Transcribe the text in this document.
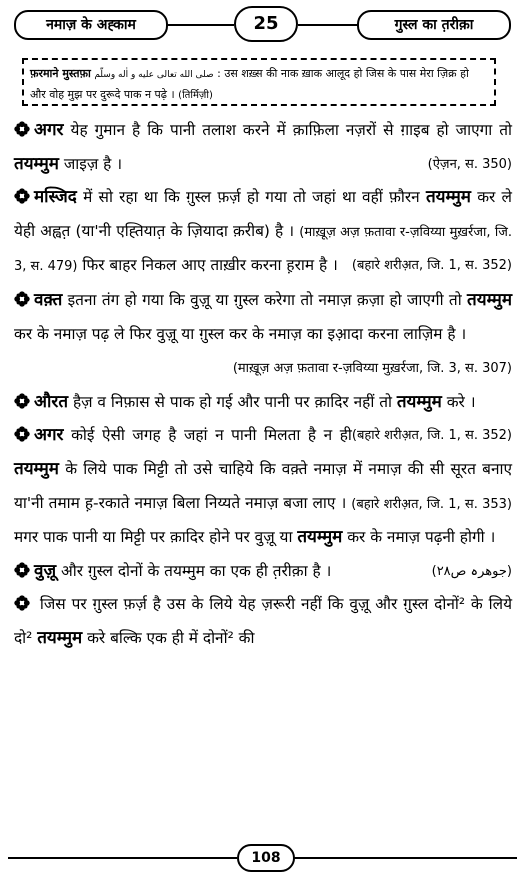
नमाज़ के अह्काम	25	गुस्ल का त़रीक़ा
फ़रमाने मुस्तफ़ा صلى الله تعالى عليه و اٰله وسلّم : उस शख़्स की नाक ख़ाक आलूद हो जिस के पास मेरा ज़िक्र हो और वोह मुझ पर दुरूदे पाक न पढ़े । (तिर्मिज़ी)
अगर येह गुमान है कि पानी तलाश करने में क़ाफ़िला नज़रों से ग़ाइब हो जाएगा तो तयम्मुम जाइज़ है ।	(ऐज़न, स. 350)
मस्जिद में सो रहा था कि ग़ुस्ल फ़र्ज़ हो गया तो जहां था वहीं फ़ौरन तयम्मुम कर ले येही अह्वत़ (या'नी एह्तियात़ के ज़ियादा क़रीब) है । (माख़ूज़ अज़ फ़तावा र-ज़विय्या मुख़र्रजा, जि. 3, स. 479) फिर बाहर निकल आए ताख़ीर करना ह़राम है । (बहारे शरीअ़त, जि. 1, स. 352)
वक़्त इतना तंग हो गया कि वुज़ू या ग़ुस्ल करेगा तो नमाज़ क़ज़ा हो जाएगी तो तयम्मुम कर के नमाज़ पढ़ ले फिर वुज़ू या ग़ुस्ल कर के नमाज़ का इआ़दा करना लाज़िम है ।
(माख़ूज़ अज़ फ़तावा र-ज़विय्या मुख़र्रजा, जि. 3, स. 307)
औरत हैज़ व निफ़ास से पाक हो गई और पानी पर क़ादिर नहीं तो तयम्मुम करे ।
(बहारे शरीअ़त, जि. 1, स. 352)
अगर कोई ऐसी जगह है जहां न पानी मिलता है न ही तयम्मुम के लिये पाक मिट्टी तो उसे चाहिये कि वक़्ते नमाज़ में नमाज़ की सी सूरत बनाए या'नी तमाम ह़-रकाते नमाज़ बिला निय्यते नमाज़ बजा लाए । (बहारे शरीअ़त, जि. 1, स. 353) मगर पाक पानी या मिट्टी पर क़ादिर होने पर वुज़ू या तयम्मुम कर के नमाज़ पढ़नी होगी ।
वुज़ू और ग़ुस्ल दोनों के तयम्मुम का एक ही त़रीक़ा है ।	(جوھرہ ص٢٨)
जिस पर ग़ुस्ल फ़र्ज़ है उस के लिये येह ज़रूरी नहीं कि वुज़ू और ग़ुस्ल दोनों² के लिये दो² तयम्मुम करे बल्कि एक ही में दोनों² की
108
